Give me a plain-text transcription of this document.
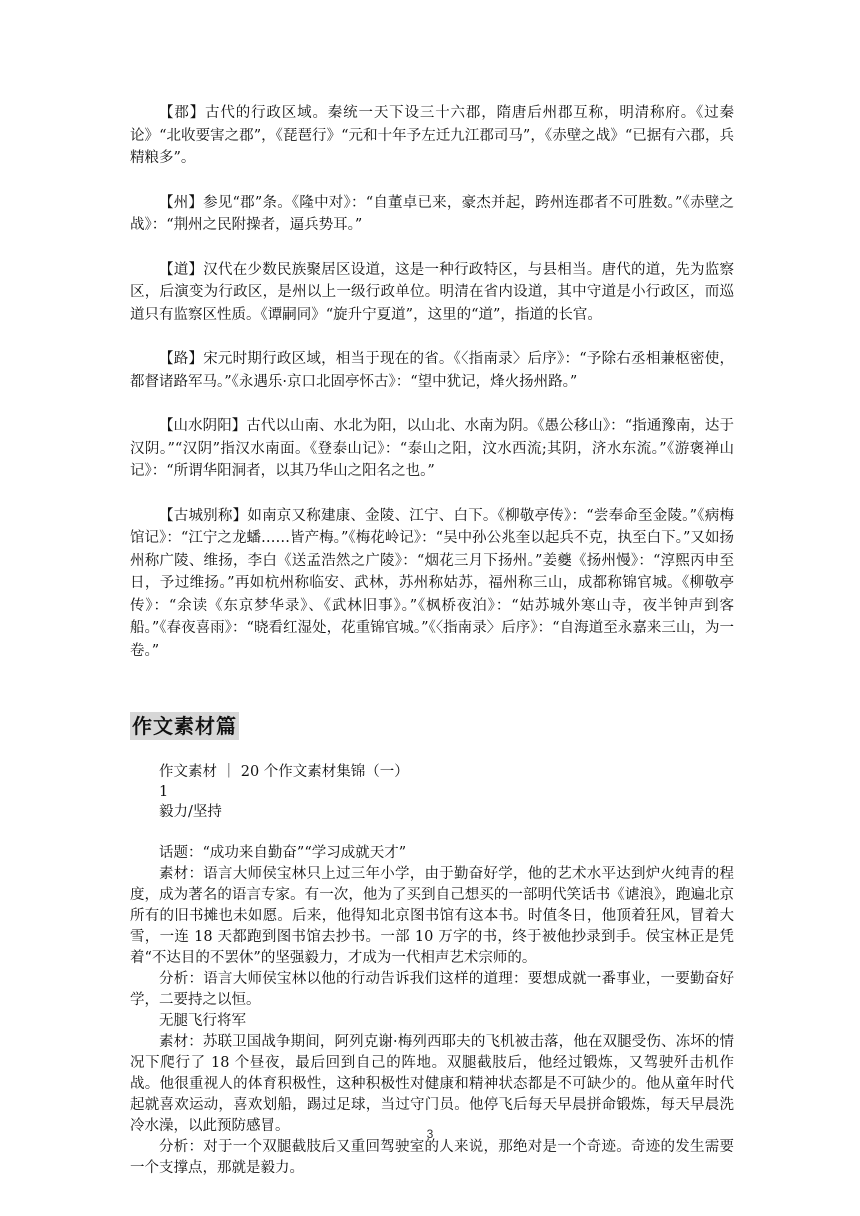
【郡】古代的行政区域。秦统一天下设三十六郡，隋唐后州郡互称，明清称府。《过秦论》“北收要害之郡”，《琵琶行》“元和十年予左迁九江郡司马”，《赤壁之战》“已据有六郡，兵精粮多”。

【州】参见“郡”条。《隆中对》：“自董卓已来，豪杰并起，跨州连郡者不可胜数。”《赤壁之战》：“荆州之民附操者，逼兵势耳。”

【道】汉代在少数民族聚居区设道，这是一种行政特区，与县相当。唐代的道，先为监察区，后演变为行政区，是州以上一级行政单位。明清在省内设道，其中守道是小行政区，而巡道只有监察区性质。《谭嗣同》“旋升宁夏道”，这里的“道”，指道的长官。

【路】宋元时期行政区域，相当于现在的省。《〈指南录〉后序》：“予除右丞相兼枢密使，都督诸路军马。”《永遇乐·京口北固亭怀古》：“望中犹记，烽火扬州路。”

【山水阴阳】古代以山南、水北为阳，以山北、水南为阴。《愚公移山》：“指通豫南，达于汉阴。”“汉阴”指汉水南面。《登泰山记》：“泰山之阳，汶水西流;其阴，济水东流。”《游褒禅山记》：“所谓华阳洞者，以其乃华山之阳名之也。”

【古城别称】如南京又称建康、金陵、江宁、白下。《柳敬亭传》：“尝奉命至金陵。”《病梅馆记》：“江宁之龙蟠……皆产梅。”《梅花岭记》：“吴中孙公兆奎以起兵不克，执至白下。”又如扬州称广陵、维扬，李白《送孟浩然之广陵》：“烟花三月下扬州。”姜夔《扬州慢》：“淳熙丙申至日，予过维扬。”再如杭州称临安、武林，苏州称姑苏，福州称三山，成都称锦官城。《柳敬亭传》：“余读《东京梦华录》、《武林旧事》。”《枫桥夜泊》：“姑苏城外寒山寺，夜半钟声到客船。”《春夜喜雨》：“晓看红湿处，花重锦官城。”《〈指南录〉后序》：“自海道至永嘉来三山，为一卷。”

作文素材篇

作文素材 ｜ 20 个作文素材集锦（一）

1

毅力/坚持

话题：“成功来自勤奋”“学习成就天才”

素材：语言大师侯宝林只上过三年小学，由于勤奋好学，他的艺术水平达到炉火纯青的程度，成为著名的语言专家。有一次，他为了买到自己想买的一部明代笑话书《谑浪》，跑遍北京所有的旧书摊也未如愿。后来，他得知北京图书馆有这本书。时值冬日，他顶着狂风，冒着大雪，一连 18 天都跑到图书馆去抄书。一部 10 万字的书，终于被他抄录到手。侯宝林正是凭着“不达目的不罢休”的坚强毅力，才成为一代相声艺术宗师的。

分析：语言大师侯宝林以他的行动告诉我们这样的道理：要想成就一番事业，一要勤奋好学，二要持之以恒。

无腿飞行将军

素材：苏联卫国战争期间，阿列克谢·梅列西耶夫的飞机被击落，他在双腿受伤、冻坏的情况下爬行了 18 个昼夜，最后回到自己的阵地。双腿截肢后，他经过锻炼，又驾驶歼击机作战。他很重视人的体育积极性，这种积极性对健康和精神状态都是不可缺少的。他从童年时代起就喜欢运动，喜欢划船，踢过足球，当过守门员。他停飞后每天早晨拼命锻炼，每天早晨洗冷水澡，以此预防感冒。

分析：对于一个双腿截肢后又重回驾驶室的人来说，那绝对是一个奇迹。奇迹的发生需要一个支撑点，那就是毅力。

3
